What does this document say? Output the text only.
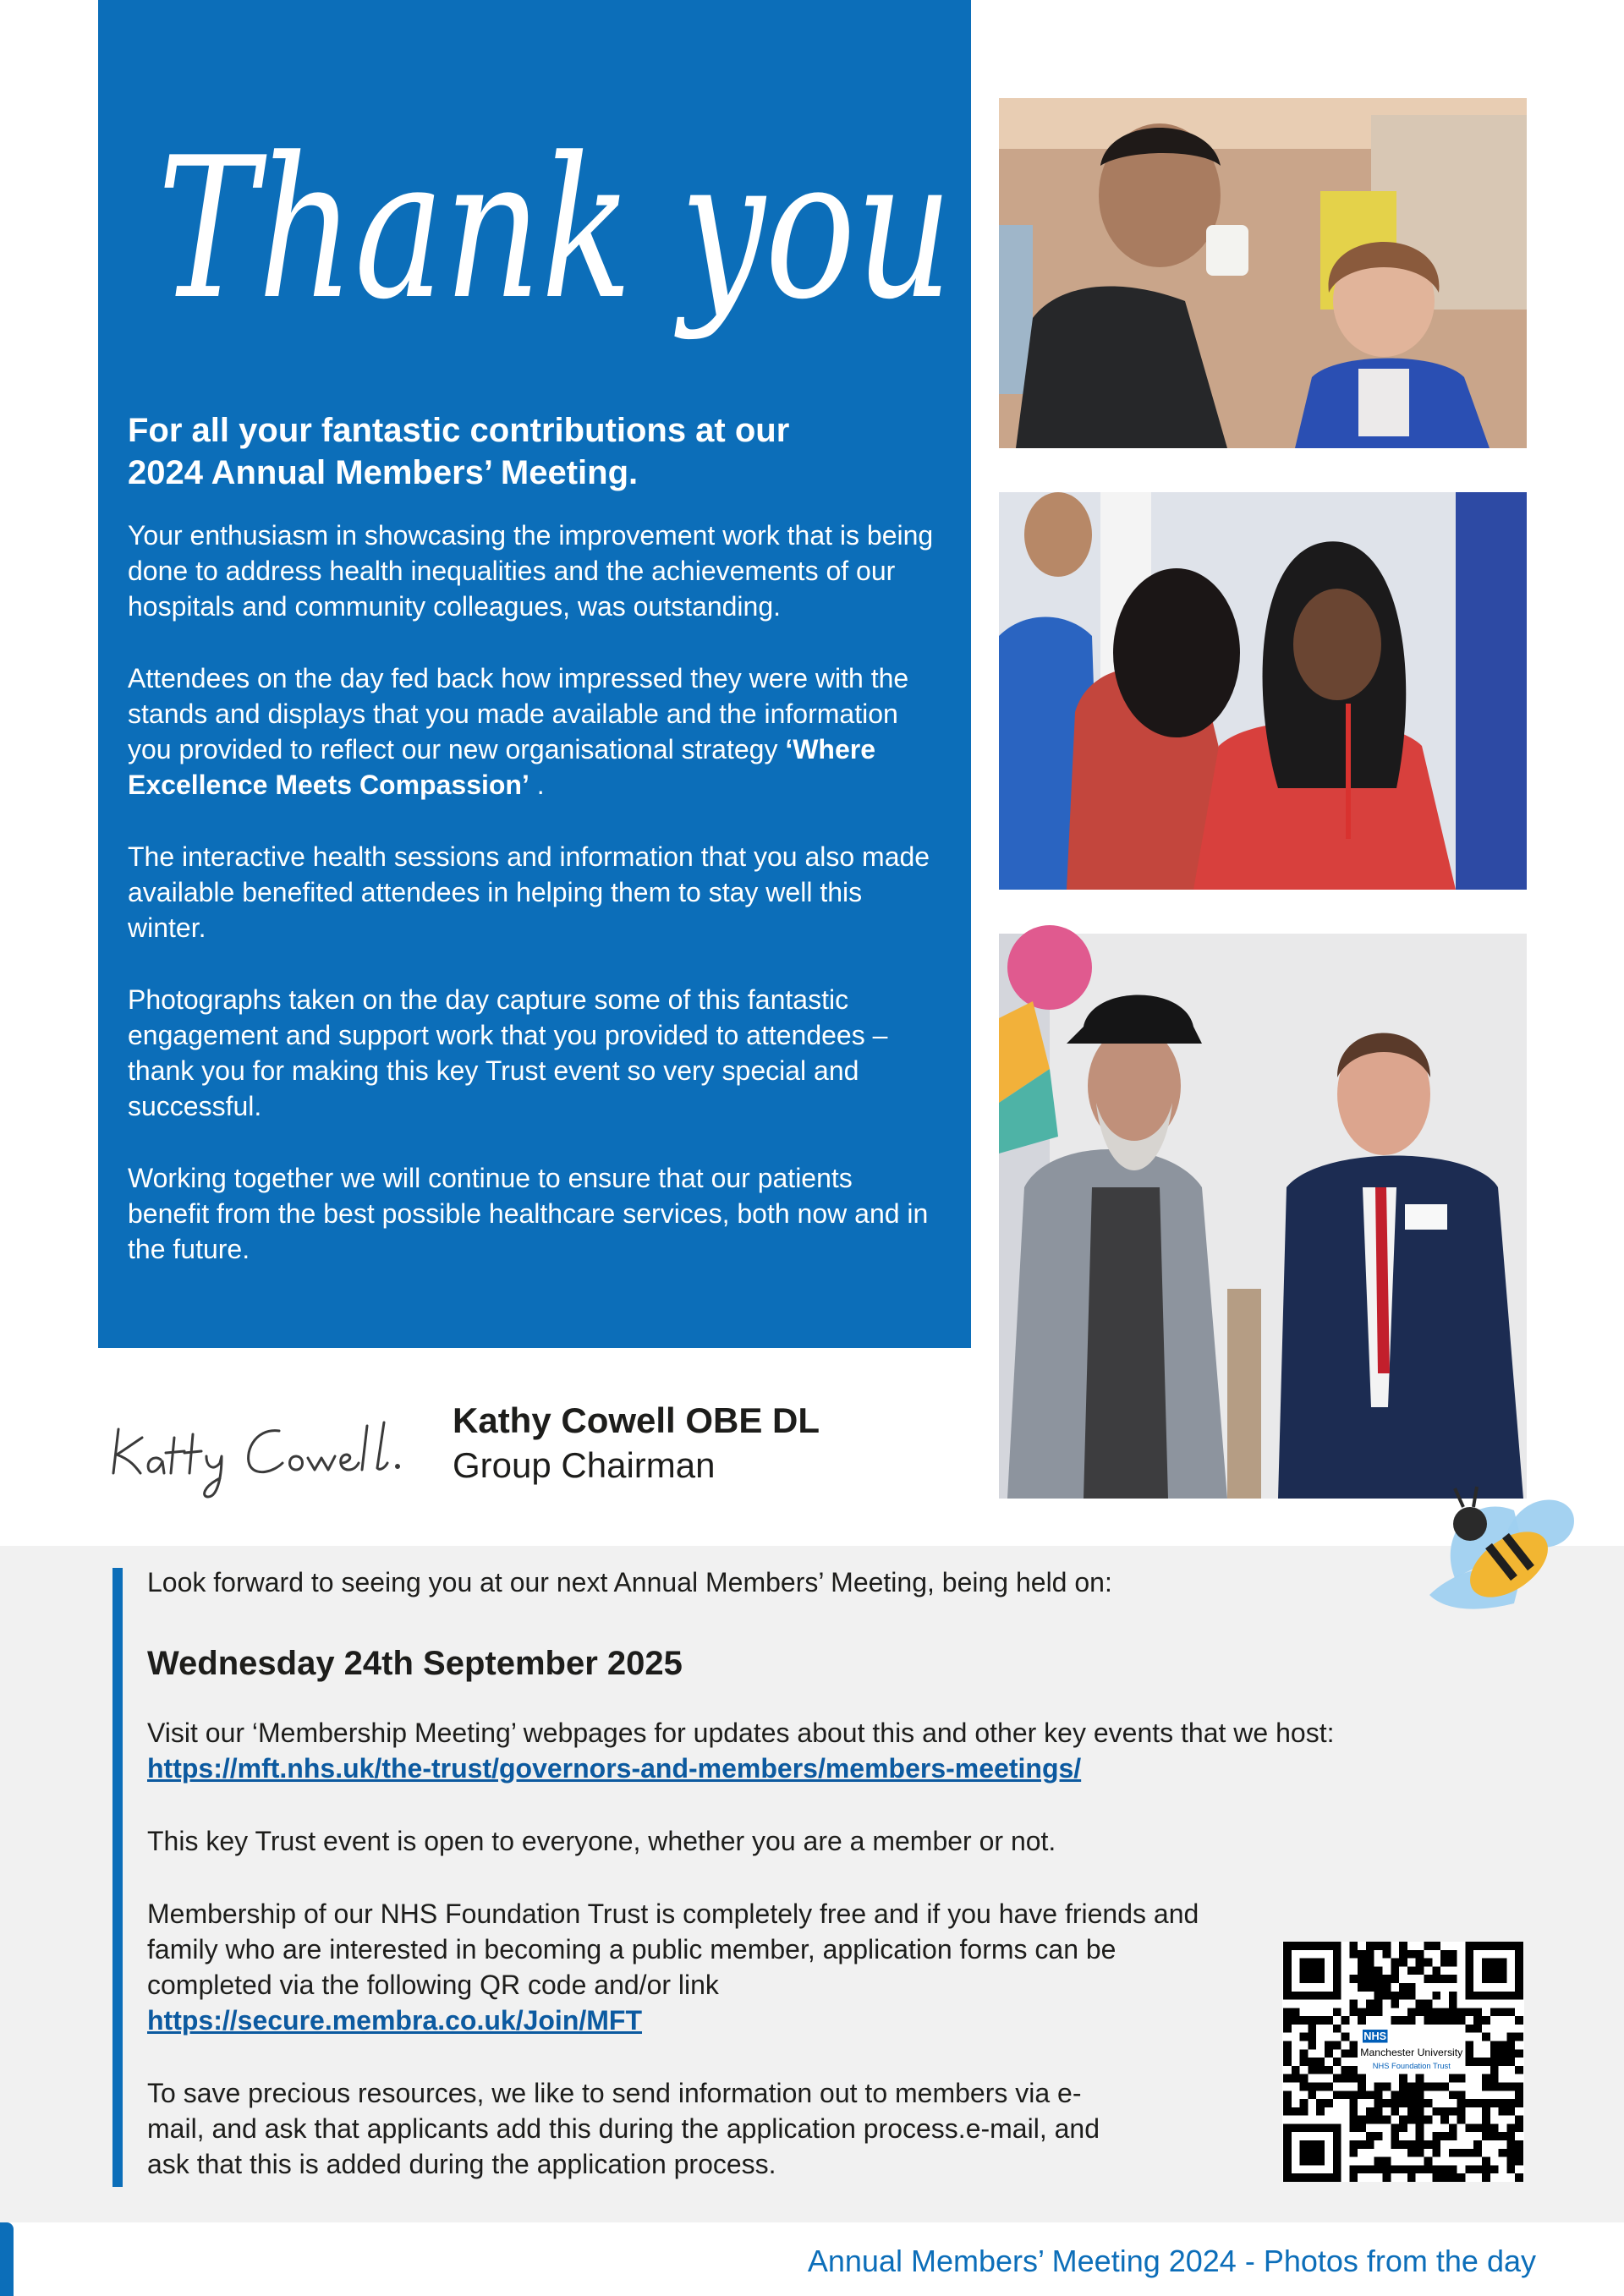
Thank you
For all your fantastic contributions at our
2024 Annual Members’ Meeting.

Your enthusiasm in showcasing the improvement work that is being done to address health inequalities and the achievements of our hospitals and community colleagues, was outstanding.

Attendees on the day fed back how impressed they were with the stands and displays that you made available and the information you provided to reflect our new organisational strategy ‘Where Excellence Meets Compassion’ .

The interactive health sessions and information that you also made available benefited attendees in helping them to stay well this winter.

Photographs taken on the day capture some of this fantastic engagement and support work that you provided to attendees – thank you for making this key Trust event so very special and successful.

Working together we will continue to ensure that our patients benefit from the best possible healthcare services, both now and in the future.

Kathy Cowell OBE DL
Group Chairman

Look forward to seeing you at our next Annual Members’ Meeting, being held on:

Wednesday 24th September 2025

Visit our ‘Membership Meeting’ webpages for updates about this and other key events that we host:

https://mft.nhs.uk/the-trust/governors-and-members/members-meetings/

This key Trust event is open to everyone, whether you are a member or not.

Membership of our NHS Foundation Trust is completely free and if you have friends and family who are interested in becoming a public member, application forms can be completed via the following QR code and/or link

https://secure.membra.co.uk/Join/MFT

To save precious resources, we like to send information out to members via e-mail, and ask that applicants add this during the application process.e-mail, and ask that this is added during the application process.

NHS
Manchester University
Annual Members’ Meeting 2024 - Photos from the day
